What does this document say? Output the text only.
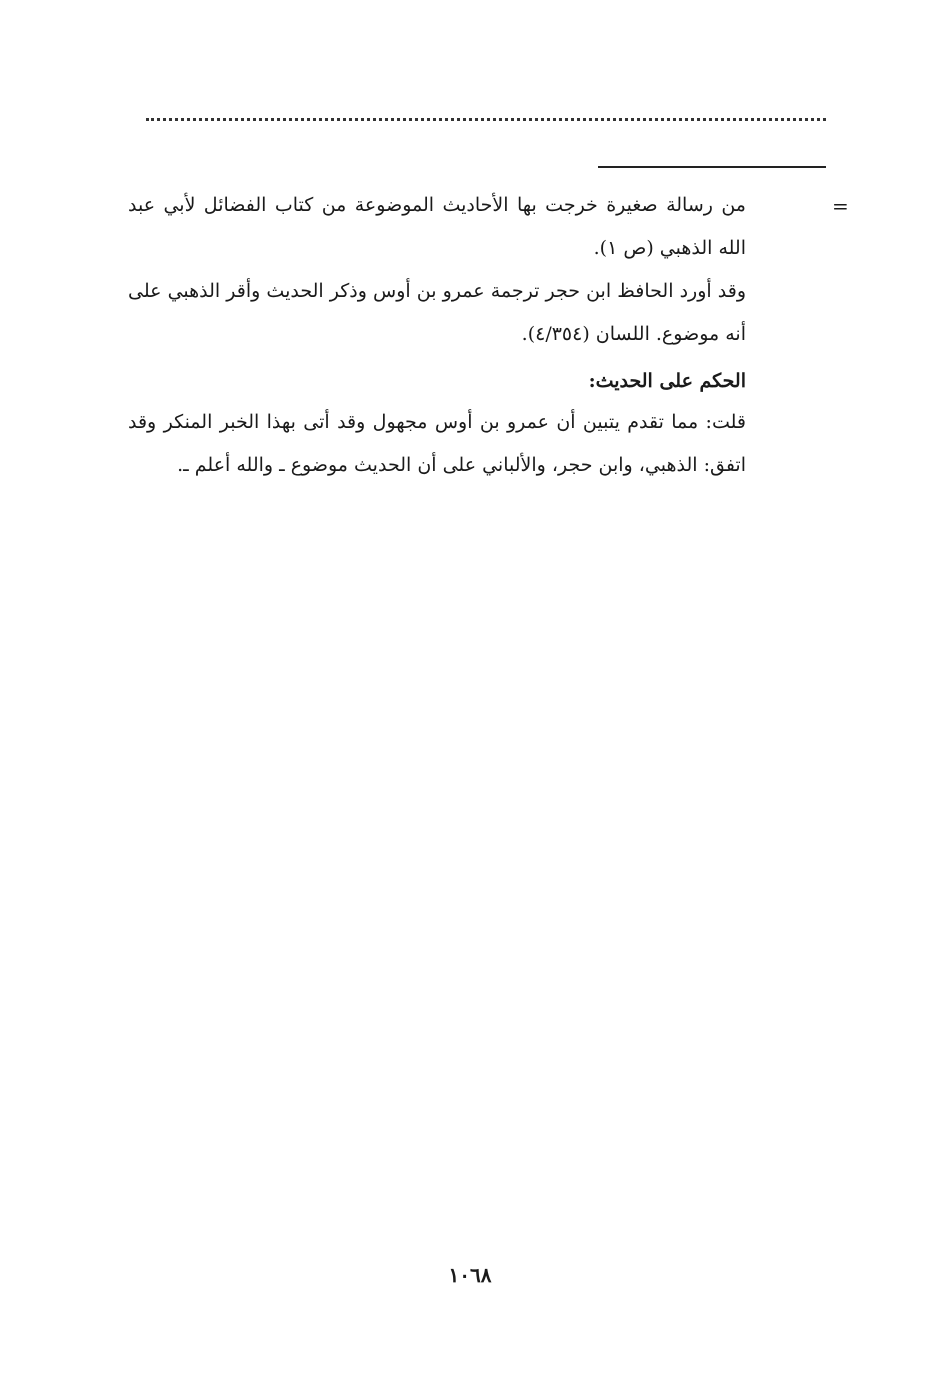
=

من رسالة صغيرة خرجت بها الأحاديث الموضوعة من كتاب الفضائل لأبي عبد الله الذهبي (ص ١).

وقد أورد الحافظ ابن حجر ترجمة عمرو بن أوس وذكر الحديث وأقر الذهبي على أنه موضوع. اللسان (٤/٣٥٤).

الحكم على الحديث:

قلت: مما تقدم يتبين أن عمرو بن أوس مجهول وقد أتى بهذا الخبر المنكر وقد اتفق: الذهبي، وابن حجر، والألباني على أن الحديث موضوع ـ والله أعلم ـ.

١٠٦٨
